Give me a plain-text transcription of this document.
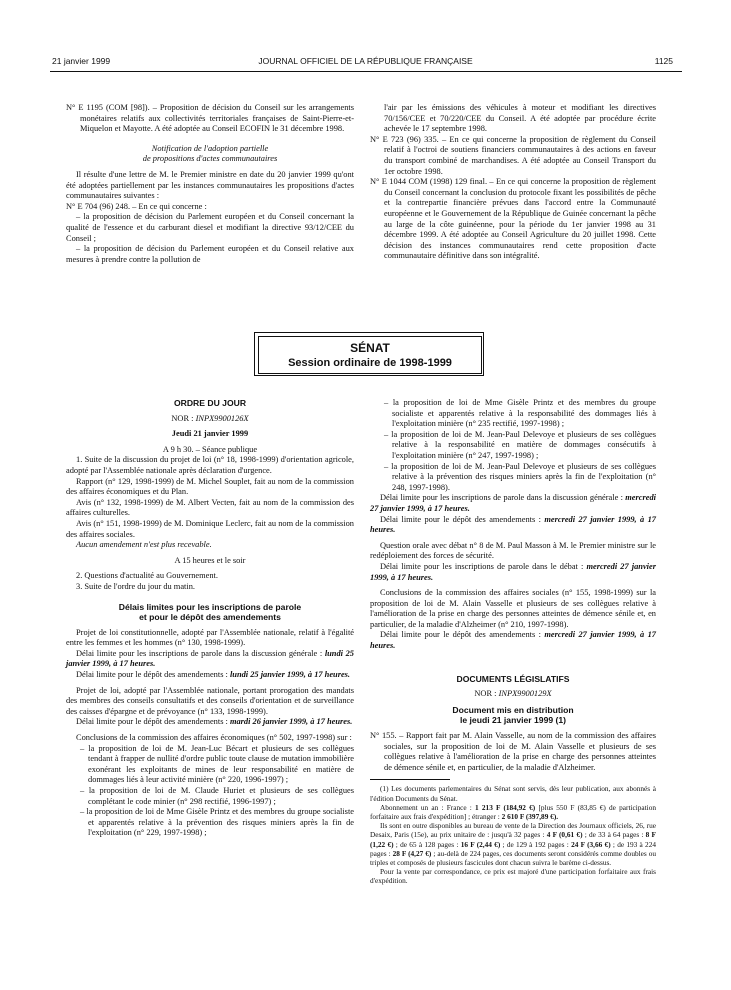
21 janvier 1999	JOURNAL OFFICIEL DE LA RÉPUBLIQUE FRANÇAISE	1125

N° E 1195 (COM [98]). – Proposition de décision du Conseil sur les arrangements monétaires relatifs aux collectivités territoriales françaises de Saint-Pierre-et-Miquelon et Mayotte. A été adoptée au Conseil ECOFIN le 31 décembre 1998.

Notification de l'adoption partielle

de propositions d'actes communautaires

Il résulte d'une lettre de M. le Premier ministre en date du 20 janvier 1999 qu'ont été adoptées partiellement par les instances communautaires les propositions d'actes communautaires suivantes :

N° E 704 (96) 248. – En ce qui concerne :

– la proposition de décision du Parlement européen et du Conseil concernant la qualité de l'essence et du carburant diesel et modifiant la directive 93/12/CEE du Conseil ;

– la proposition de décision du Parlement européen et du Conseil relative aux mesures à prendre contre la pollution de

l'air par les émissions des véhicules à moteur et modifiant les directives 70/156/CEE et 70/220/CEE du Conseil. A été adoptée par procédure écrite achevée le 17 septembre 1998.

N° E 723 (96) 335. – En ce qui concerne la proposition de règlement du Conseil relatif à l'octroi de soutiens financiers communautaires à des actions en faveur du transport combiné de marchandises. A été adoptée au Conseil Transport du 1er octobre 1998.

N° E 1044 COM (1998) 129 final. – En ce qui concerne la proposition de règlement du Conseil concernant la conclusion du protocole fixant les possibilités de pêche et la contrepartie financière prévues dans l'accord entre la Communauté européenne et le Gouvernement de la République de Guinée concernant la pêche au large de la côte guinéenne, pour la période du 1er janvier 1998 au 31 décembre 1999. A été adoptée au Conseil Agriculture du 20 juillet 1998. Cette décision des instances communautaires rend cette proposition d'acte communautaire définitive dans son intégralité.

SÉNAT
Session ordinaire de 1998-1999

ORDRE DU JOUR

NOR : INPX9900126X

Jeudi 21 janvier 1999

A 9 h 30. – Séance publique

1. Suite de la discussion du projet de loi (n° 18, 1998-1999) d'orientation agricole, adopté par l'Assemblée nationale après déclaration d'urgence.

Rapport (n° 129, 1998-1999) de M. Michel Souplet, fait au nom de la commission des affaires économiques et du Plan.

Avis (n° 132, 1998-1999) de M. Albert Vecten, fait au nom de la commission des affaires culturelles.

Avis (n° 151, 1998-1999) de M. Dominique Leclerc, fait au nom de la commission des affaires sociales.

Aucun amendement n'est plus recevable.

A 15 heures et le soir

2. Questions d'actualité au Gouvernement.

3. Suite de l'ordre du jour du matin.

Délais limites pour les inscriptions de parole

et pour le dépôt des amendements

Projet de loi constitutionnelle, adopté par l'Assemblée nationale, relatif à l'égalité entre les femmes et les hommes (n° 130, 1998-1999).

Délai limite pour les inscriptions de parole dans la discussion générale : lundi 25 janvier 1999, à 17 heures.

Délai limite pour le dépôt des amendements : lundi 25 janvier 1999, à 17 heures.

Projet de loi, adopté par l'Assemblée nationale, portant prorogation des mandats des membres des conseils consultatifs et des conseils d'orientation et de surveillance des caisses d'épargne et de prévoyance (n° 133, 1998-1999).

Délai limite pour le dépôt des amendements : mardi 26 janvier 1999, à 17 heures.

Conclusions de la commission des affaires économiques (n° 502, 1997-1998) sur :

– la proposition de loi de M. Jean-Luc Bécart et plusieurs de ses collègues tendant à frapper de nullité d'ordre public toute clause de mutation immobilière exonérant les exploitants de mines de leur responsabilité en matière de dommages liés à leur activité minière (n° 220, 1996-1997) ;

– la proposition de loi de M. Claude Huriet et plusieurs de ses collègues complétant le code minier (n° 298 rectifié, 1996-1997) ;

– la proposition de loi de Mme Gisèle Printz et des membres du groupe socialiste et apparentés relative à la prévention des risques miniers après la fin de l'exploitation (n° 229, 1997-1998) ;

– la proposition de loi de Mme Gisèle Printz et des membres du groupe socialiste et apparentés relative à la responsabilité des dommages liés à l'exploitation minière (n° 235 rectifié, 1997-1998) ;

– la proposition de loi de M. Jean-Paul Delevoye et plusieurs de ses collègues relative à la responsabilité en matière de dommages consécutifs à l'exploitation minière (n° 247, 1997-1998) ;

– la proposition de loi de M. Jean-Paul Delevoye et plusieurs de ses collègues relative à la prévention des risques miniers après la fin de l'exploitation (n° 248, 1997-1998).

Délai limite pour les inscriptions de parole dans la discussion générale : mercredi 27 janvier 1999, à 17 heures.

Délai limite pour le dépôt des amendements : mercredi 27 janvier 1999, à 17 heures.

Question orale avec débat n° 8 de M. Paul Masson à M. le Premier ministre sur le redéploiement des forces de sécurité.

Délai limite pour les inscriptions de parole dans le débat : mercredi 27 janvier 1999, à 17 heures.

Conclusions de la commission des affaires sociales (n° 155, 1998-1999) sur la proposition de loi de M. Alain Vasselle et plusieurs de ses collègues relative à l'amélioration de la prise en charge des personnes atteintes de démence sénile et, en particulier, de la maladie d'Alzheimer (n° 210, 1997-1998).

Délai limite pour le dépôt des amendements : mercredi 27 janvier 1999, à 17 heures.

DOCUMENTS LÉGISLATIFS

NOR : INPX9900129X

Document mis en distribution

le jeudi 21 janvier 1999 (1)

N° 155. – Rapport fait par M. Alain Vasselle, au nom de la commission des affaires sociales, sur la proposition de loi de M. Alain Vasselle et plusieurs de ses collègues relative à l'amélioration de la prise en charge des personnes atteintes de démence sénile et, en particulier, de la maladie d'Alzheimer.

(1) Les documents parlementaires du Sénat sont servis, dès leur publication, aux abonnés à l'édition Documents du Sénat.

Abonnement un an : France : 1 213 F (184,92 €) [plus 550 F (83,85 €) de participation forfaitaire aux frais d'expédition] ; étranger : 2 610 F (397,89 €).

Ils sont en outre disponibles au bureau de vente de la Direction des Journaux officiels, 26, rue Desaix, Paris (15e), au prix unitaire de : jusqu'à 32 pages : 4 F (0,61 €) ; de 33 à 64 pages : 8 F (1,22 €) ; de 65 à 128 pages : 16 F (2,44 €) ; de 129 à 192 pages : 24 F (3,66 €) ; de 193 à 224 pages : 28 F (4,27 €) ; au-delà de 224 pages, ces documents seront considérés comme doubles ou triples et composés de plusieurs fascicules dont chacun suivra le barème ci-dessus.

Pour la vente par correspondance, ce prix est majoré d'une participation forfaitaire aux frais d'expédition.
